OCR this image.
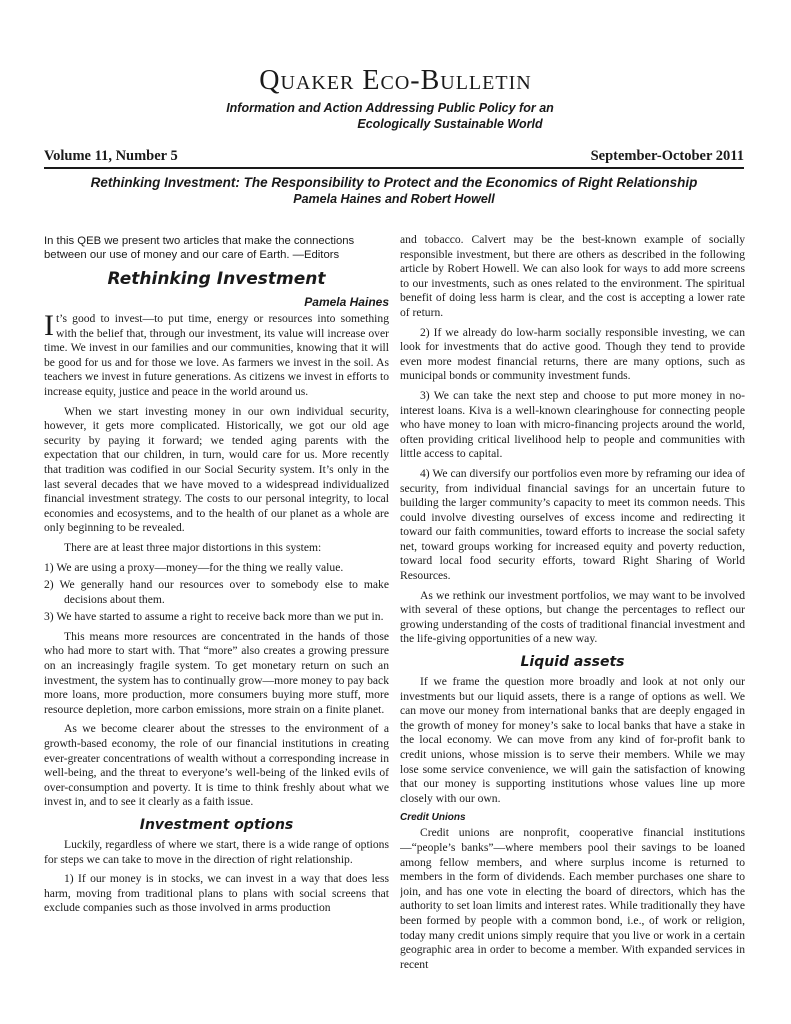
Quaker Eco-Bulletin
Information and Action Addressing Public Policy for an
Ecologically Sustainable World
Volume 11, Number 5	September-October 2011
Rethinking Investment: The Responsibility to Protect and the Economics of Right Relationship
Pamela Haines and Robert Howell

In this QEB we present two articles that make the connections between our use of money and our care of Earth. —Editors

Rethinking Investment
Pamela Haines

It’s good to invest—to put time, energy or resources into something with the belief that, through our investment, its value will increase over time. We invest in our families and our communities, knowing that it will be good for us and for those we love. As farmers we invest in the soil. As teachers we invest in future generations. As citizens we invest in efforts to increase equity, justice and peace in the world around us.

When we start investing money in our own individual security, however, it gets more complicated. Historically, we got our old age security by paying it forward; we tended aging parents with the expectation that our children, in turn, would care for us. More recently that tradition was codified in our Social Security system. It’s only in the last several decades that we have moved to a widespread individualized financial investment strategy. The costs to our personal integrity, to local economies and ecosystems, and to the health of our planet as a whole are only beginning to be revealed.

There are at least three major distortions in this system:

1) We are using a proxy—money—for the thing we really value.
2) We generally hand our resources over to somebody else to make decisions about them.
3) We have started to assume a right to receive back more than we put in.

This means more resources are concentrated in the hands of those who had more to start with. That “more” also creates a growing pressure on an increasingly fragile system. To get monetary return on such an investment, the system has to continually grow—more money to pay back more loans, more production, more consumers buying more stuff, more resource depletion, more carbon emissions, more strain on a finite planet.

As we become clearer about the stresses to the environment of a growth-based economy, the role of our financial institutions in creating ever-greater concentrations of wealth without a corresponding increase in well-being, and the threat to everyone’s well-being of the linked evils of over-consumption and poverty. It is time to think freshly about what we invest in, and to see it clearly as a faith issue.

Investment options

Luckily, regardless of where we start, there is a wide range of options for steps we can take to move in the direction of right relationship.

1) If our money is in stocks, we can invest in a way that does less harm, moving from traditional plans to plans with social screens that exclude companies such as those involved in arms production

and tobacco. Calvert may be the best-known example of socially responsible investment, but there are others as described in the following article by Robert Howell. We can also look for ways to add more screens to our investments, such as ones related to the environment. The spiritual benefit of doing less harm is clear, and the cost is accepting a lower rate of return.

2) If we already do low-harm socially responsible investing, we can look for investments that do active good. Though they tend to provide even more modest financial returns, there are many options, such as municipal bonds or community investment funds.

3) We can take the next step and choose to put more money in no-interest loans. Kiva is a well-known clearinghouse for connecting people who have money to loan with micro-financing projects around the world, often providing critical livelihood help to people and communities with little access to capital.

4) We can diversify our portfolios even more by reframing our idea of security, from individual financial savings for an uncertain future to building the larger community’s capacity to meet its common needs. This could involve divesting ourselves of excess income and redirecting it toward our faith communities, toward efforts to increase the social safety net, toward groups working for increased equity and poverty reduction, toward local food security efforts, toward Right Sharing of World Resources.

As we rethink our investment portfolios, we may want to be involved with several of these options, but change the percentages to reflect our growing understanding of the costs of traditional financial investment and the life-giving opportunities of a new way.

Liquid assets

If we frame the question more broadly and look at not only our investments but our liquid assets, there is a range of options as well. We can move our money from international banks that are deeply engaged in the growth of money for money’s sake to local banks that have a stake in the local economy. We can move from any kind of for-profit bank to credit unions, whose mission is to serve their members. While we may lose some service convenience, we will gain the satisfaction of knowing that our money is supporting institutions whose values line up more closely with our own.

Credit Unions

Credit unions are nonprofit, cooperative financial institutions—“people’s banks”—where members pool their savings to be loaned among fellow members, and where surplus income is returned to members in the form of dividends. Each member purchases one share to join, and has one vote in electing the board of directors, which has the authority to set loan limits and interest rates. While traditionally they have been formed by people with a common bond, i.e., of work or religion, today many credit unions simply require that you live or work in a certain geographic area in order to become a member. With expanded services in recent
